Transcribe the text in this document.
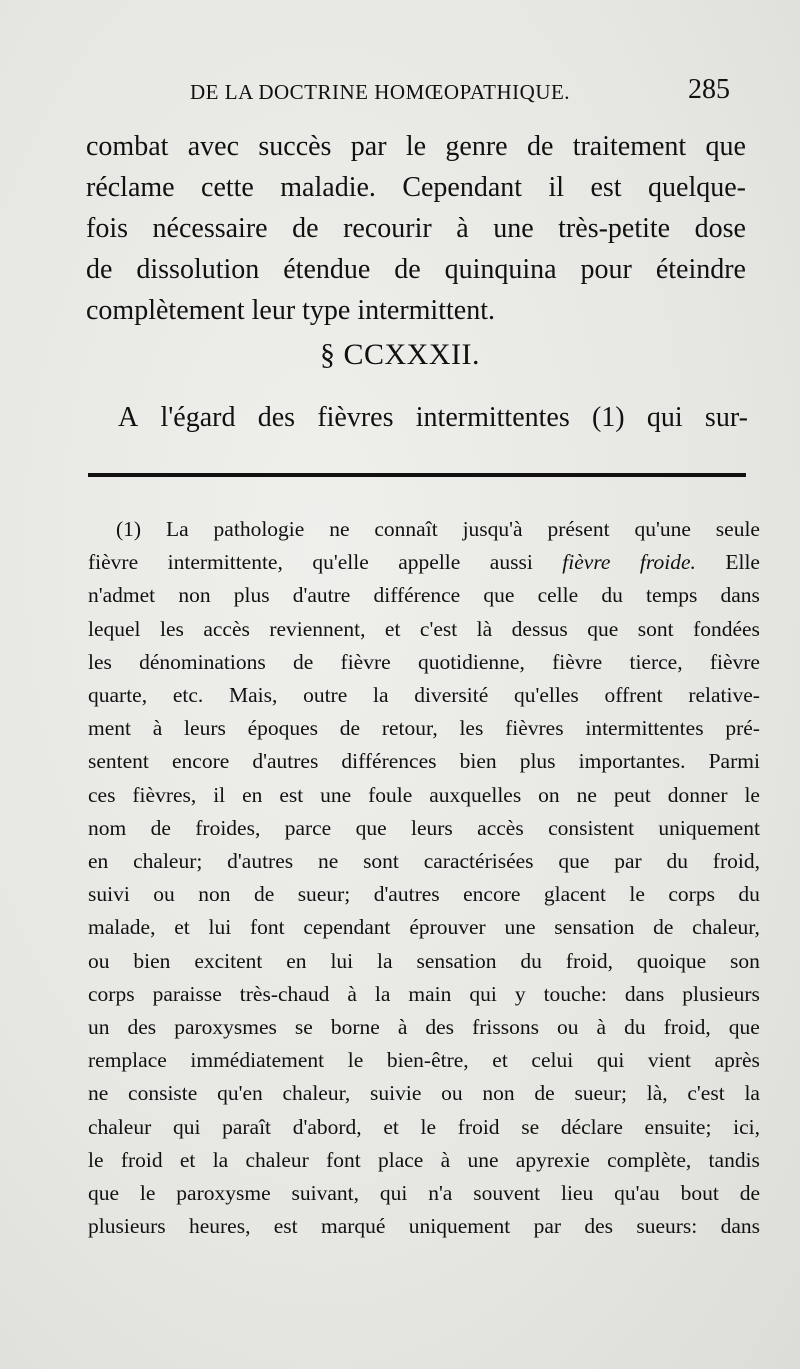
DE LA DOCTRINE HOMŒOPATHIQUE.	285
combat avec succès par le genre de traitement que
réclame cette maladie. Cependant il est quelque-
fois nécessaire de recourir à une très-petite dose
de dissolution étendue de quinquina pour éteindre
complètement leur type intermittent.
§ CCXXXII.
A l'égard des fièvres intermittentes (1) qui sur-
(1) La pathologie ne connaît jusqu'à présent qu'une seule
fièvre intermittente, qu'elle appelle aussi fièvre froide. Elle
n'admet non plus d'autre différence que celle du temps dans
lequel les accès reviennent, et c'est là dessus que sont fondées
les dénominations de fièvre quotidienne, fièvre tierce, fièvre
quarte, etc. Mais, outre la diversité qu'elles offrent relative-
ment à leurs époques de retour, les fièvres intermittentes pré-
sentent encore d'autres différences bien plus importantes. Parmi
ces fièvres, il en est une foule auxquelles on ne peut donner le
nom de froides, parce que leurs accès consistent uniquement
en chaleur; d'autres ne sont caractérisées que par du froid,
suivi ou non de sueur; d'autres encore glacent le corps du
malade, et lui font cependant éprouver une sensation de chaleur,
ou bien excitent en lui la sensation du froid, quoique son
corps paraisse très-chaud à la main qui y touche: dans plusieurs
un des paroxysmes se borne à des frissons ou à du froid, que
remplace immédiatement le bien-être, et celui qui vient après
ne consiste qu'en chaleur, suivie ou non de sueur; là, c'est la
chaleur qui paraît d'abord, et le froid se déclare ensuite; ici,
le froid et la chaleur font place à une apyrexie complète, tandis
que le paroxysme suivant, qui n'a souvent lieu qu'au bout de
plusieurs heures, est marqué uniquement par des sueurs: dans
